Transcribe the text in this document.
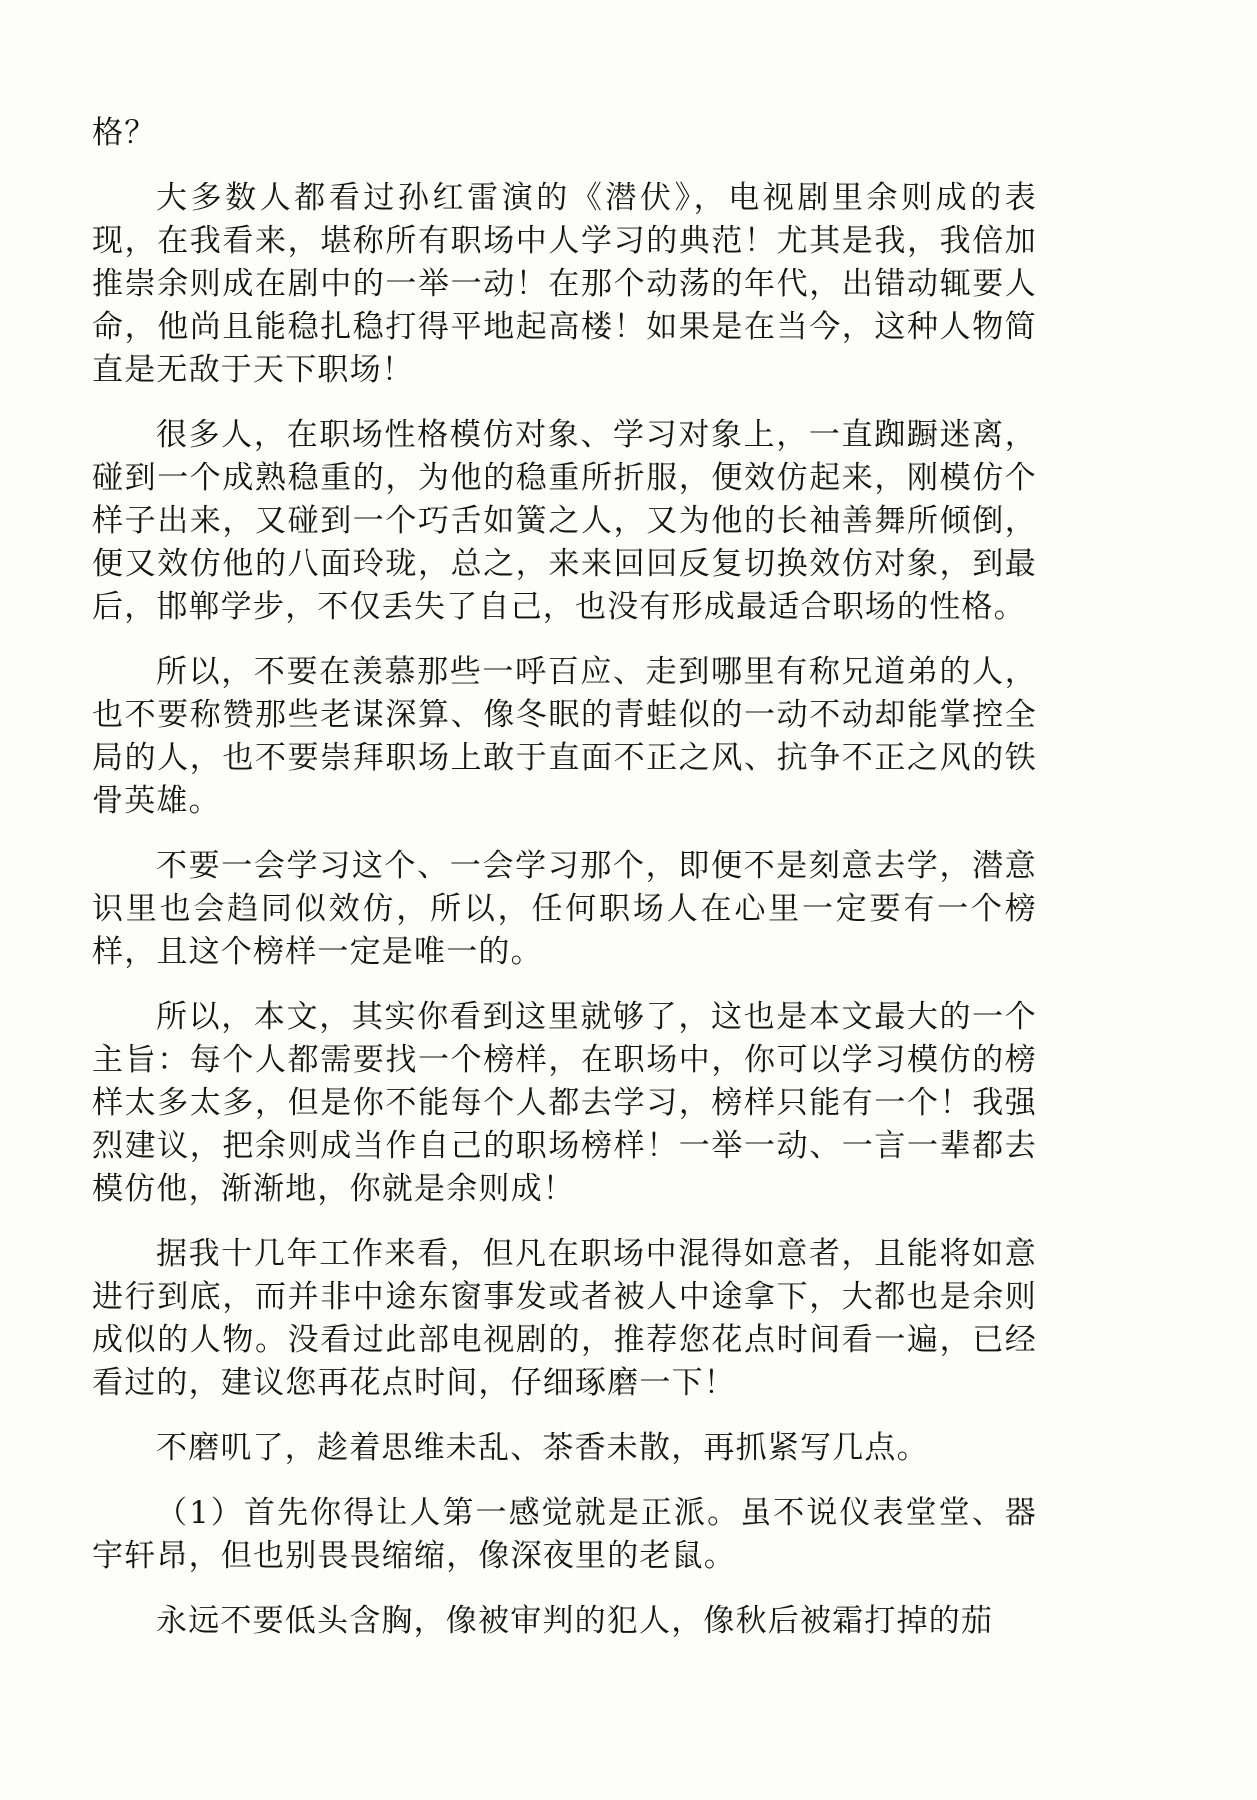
格？

大多数人都看过孙红雷演的《潜伏》，电视剧里余则成的表现，在我看来，堪称所有职场中人学习的典范！尤其是我，我倍加推崇余则成在剧中的一举一动！在那个动荡的年代，出错动辄要人命，他尚且能稳扎稳打得平地起高楼！如果是在当今，这种人物简直是无敌于天下职场！

很多人，在职场性格模仿对象、学习对象上，一直踟蹰迷离，碰到一个成熟稳重的，为他的稳重所折服，便效仿起来，刚模仿个样子出来，又碰到一个巧舌如簧之人，又为他的长袖善舞所倾倒，便又效仿他的八面玲珑，总之，来来回回反复切换效仿对象，到最后，邯郸学步，不仅丢失了自己，也没有形成最适合职场的性格。

所以，不要在羡慕那些一呼百应、走到哪里有称兄道弟的人，也不要称赞那些老谋深算、像冬眠的青蛙似的一动不动却能掌控全局的人，也不要崇拜职场上敢于直面不正之风、抗争不正之风的铁骨英雄。

不要一会学习这个、一会学习那个，即便不是刻意去学，潜意识里也会趋同似效仿，所以，任何职场人在心里一定要有一个榜样，且这个榜样一定是唯一的。

所以，本文，其实你看到这里就够了，这也是本文最大的一个主旨：每个人都需要找一个榜样，在职场中，你可以学习模仿的榜样太多太多，但是你不能每个人都去学习，榜样只能有一个！我强烈建议，把余则成当作自己的职场榜样！一举一动、一言一辈都去模仿他，渐渐地，你就是余则成！

据我十几年工作来看，但凡在职场中混得如意者，且能将如意进行到底，而并非中途东窗事发或者被人中途拿下，大都也是余则成似的人物。没看过此部电视剧的，推荐您花点时间看一遍，已经看过的，建议您再花点时间，仔细琢磨一下！

不磨叽了，趁着思维未乱、茶香未散，再抓紧写几点。

（1）首先你得让人第一感觉就是正派。虽不说仪表堂堂、器宇轩昂，但也别畏畏缩缩，像深夜里的老鼠。

永远不要低头含胸，像被审判的犯人，像秋后被霜打掉的茄
